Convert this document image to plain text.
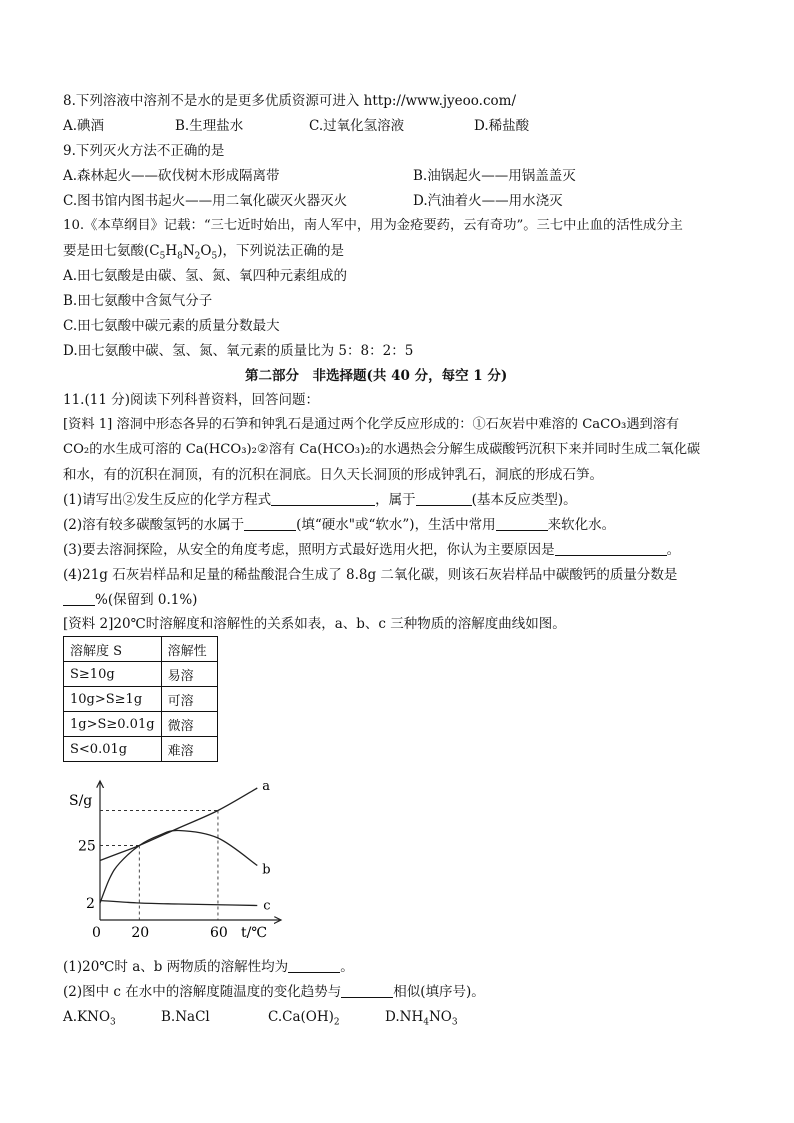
8.下列溶液中溶剂不是水的是更多优质资源可进入 http://www.jyeoo.com/
A.碘酒	B.生理盐水	C.过氧化氢溶液	D.稀盐酸
9.下列灭火方法不正确的是
A.森林起火——砍伐树木形成隔离带	B.油锅起火——用锅盖盖灭
C.图书馆内图书起火——用二氧化碳灭火器灭火	D.汽油着火——用水浇灭
10.《本草纲目》记载：“三七近时始出，南人军中，用为金疮要药，云有奇功”。三七中止血的活性成分主
要是田七氨酸$(C_5H_8N_2O_5)$，下列说法正确的是
A.田七氨酸是由碳、氢、氮、氧四种元素组成的
B.田七氨酸中含氮气分子
C.田七氨酸中碳元素的质量分数最大
D.田七氨酸中碳、氢、氮、氧元素的质量比为 5：8：2：5
第二部分　非选择题(共 40 分，每空 1 分)
11.(11 分)阅读下列科普资料，回答问题：
[资料 1] 溶洞中形态各异的石笋和钟乳石是通过两个化学反应形成的：①石灰岩中难溶的 CaCO₃遇到溶有
CO₂的水生成可溶的 Ca(HCO₃)₂②溶有 Ca(HCO₃)₂的水遇热会分解生成碳酸钙沉积下来并同时生成二氧化碳
和水，有的沉积在洞顶，有的沉积在洞底。日久天长洞顶的形成钟乳石，洞底的形成石笋。
(1)请写出②发生反应的化学方程式	，属于	(基本反应类型)。
(2)溶有较多碳酸氢钙的水属于	(填“硬水"或“软水”)，生活中常用	来软化水。
(3)要去溶洞探险，从安全的角度考虑，照明方式最好选用火把，你认为主要原因是	。
(4)21g 石灰岩样品和足量的稀盐酸混合生成了 8.8g 二氧化碳，则该石灰岩样品中碳酸钙的质量分数是
%(保留到 0.1%)
[资料 2]20℃时溶解度和溶解性的关系如表，a、b、c 三种物质的溶解度曲线如图。
溶解度 S	溶解性
S≥10g	易溶
10g>S≥1g	可溶
1g>S≥0.01g	微溶
S<0.01g	难溶
a
b
c
0 20	60
2
25
S/g
t/℃
(1)20℃时 a、b 两物质的溶解性均为	。
(2)图中 c 在水中的溶解度随温度的变化趋势与	相似(填序号)。
$A.KNO_3$	B.NaCl	$C.Ca(OH)_2$	$D.NH_4NO_3$
